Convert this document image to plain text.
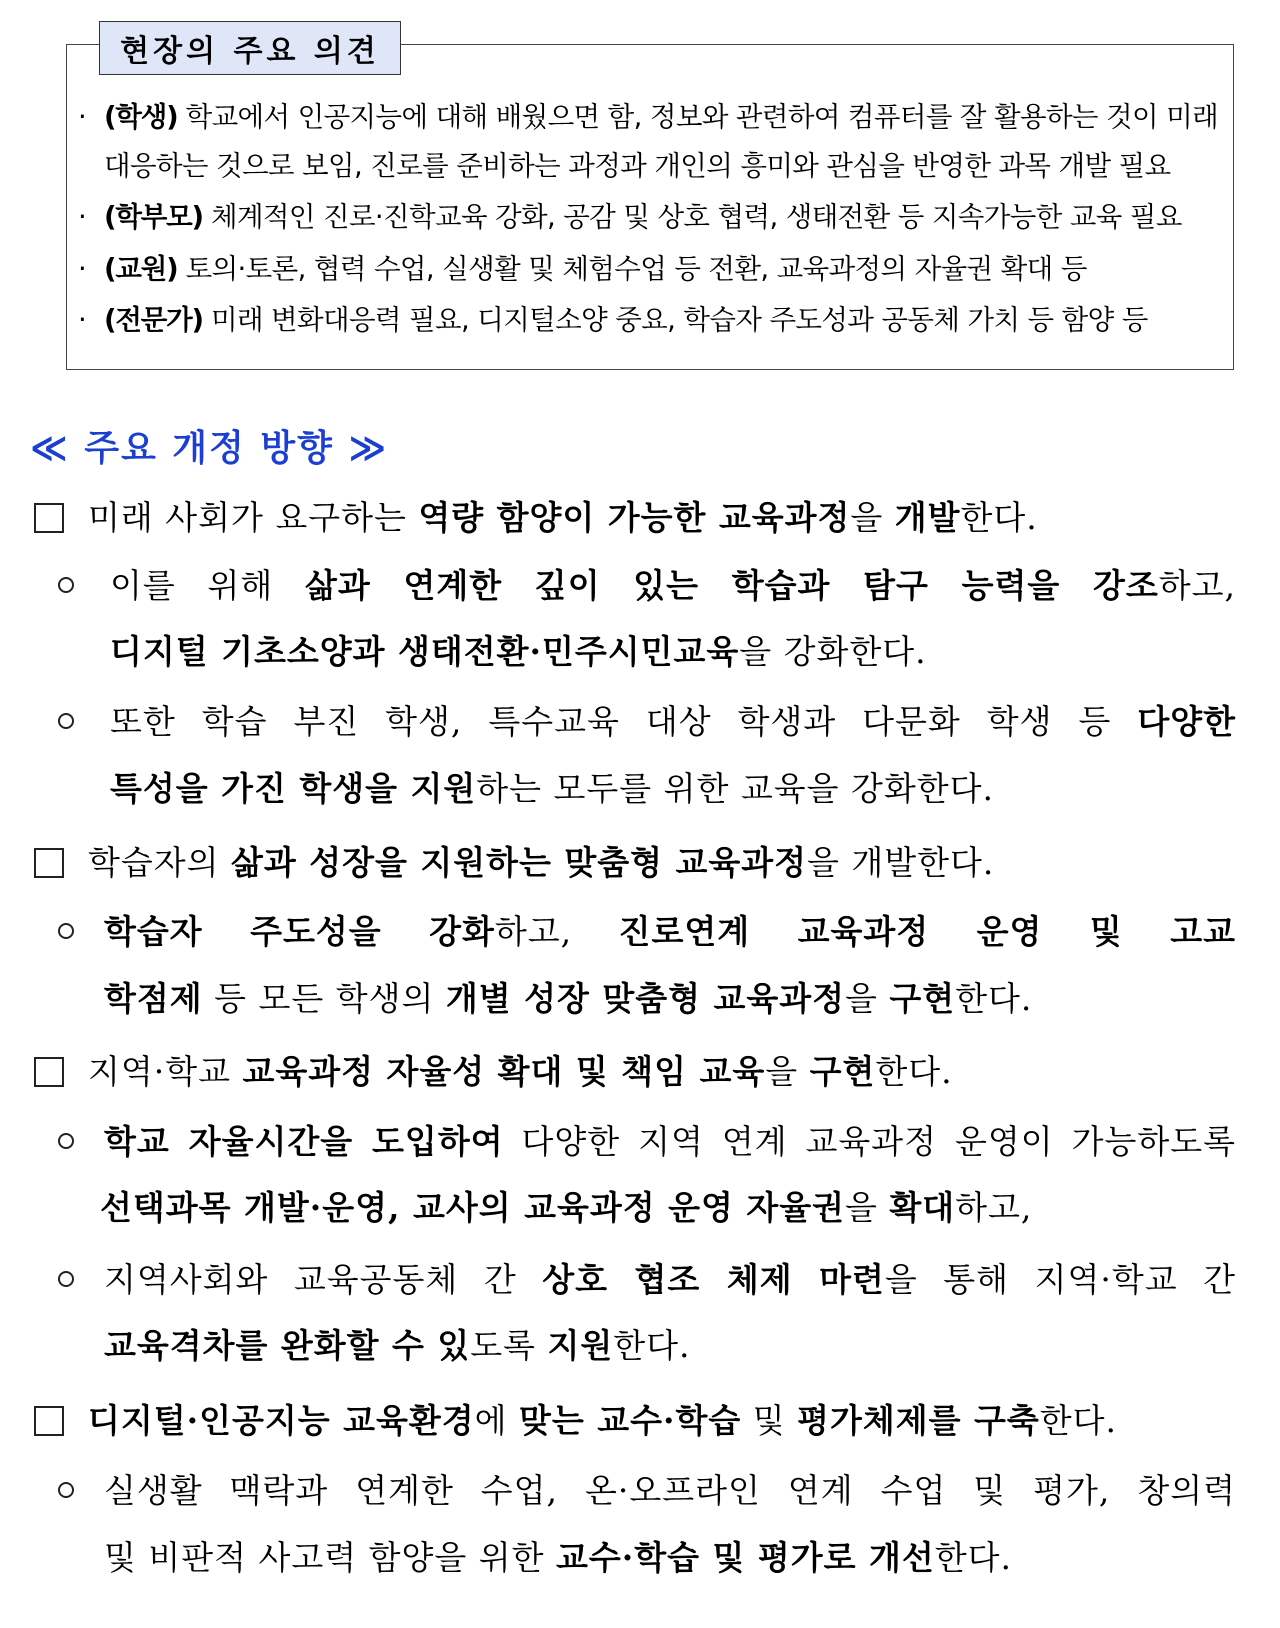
현장의 주요 의견
· (학생) 학교에서 인공지능에 대해 배웠으면 함, 정보와 관련하여 컴퓨터를 잘 활용하는 것이 미래
대응하는 것으로 보임, 진로를 준비하는 과정과 개인의 흥미와 관심을 반영한 과목 개발 필요
· (학부모) 체계적인 진로·진학교육 강화, 공감 및 상호 협력, 생태전환 등 지속가능한 교육 필요
· (교원) 토의·토론, 협력 수업, 실생활 및 체험수업 등 전환, 교육과정의 자율권 확대 등
· (전문가) 미래 변화대응력 필요, 디지털소양 중요, 학습자 주도성과 공동체 가치 등 함양 등
≪ 주요 개정 방향 ≫
미래 사회가 요구하는 역량 함양이 가능한 교육과정을 개발한다.
이를 위해 삶과 연계한 깊이 있는 학습과 탐구 능력을 강조하고,
디지털 기초소양과 생태전환·민주시민교육을 강화한다.
또한 학습 부진 학생, 특수교육 대상 학생과 다문화 학생 등 다양한
특성을 가진 학생을 지원하는 모두를 위한 교육을 강화한다.
학습자의 삶과 성장을 지원하는 맞춤형 교육과정을 개발한다.
학습자 주도성을 강화하고, 진로연계 교육과정 운영 및 고교
학점제 등 모든 학생의 개별 성장 맞춤형 교육과정을 구현한다.
지역·학교 교육과정 자율성 확대 및 책임 교육을 구현한다.
학교 자율시간을 도입하여 다양한 지역 연계 교육과정 운영이 가능하도록
선택과목 개발·운영, 교사의 교육과정 운영 자율권을 확대하고,
지역사회와 교육공동체 간 상호 협조 체제 마련을 통해 지역·학교 간
교육격차를 완화할 수 있도록 지원한다.
디지털·인공지능 교육환경에 맞는 교수·학습 및 평가체제를 구축한다.
실생활 맥락과 연계한 수업, 온·오프라인 연계 수업 및 평가, 창의력
및 비판적 사고력 함양을 위한 교수·학습 및 평가로 개선한다.
